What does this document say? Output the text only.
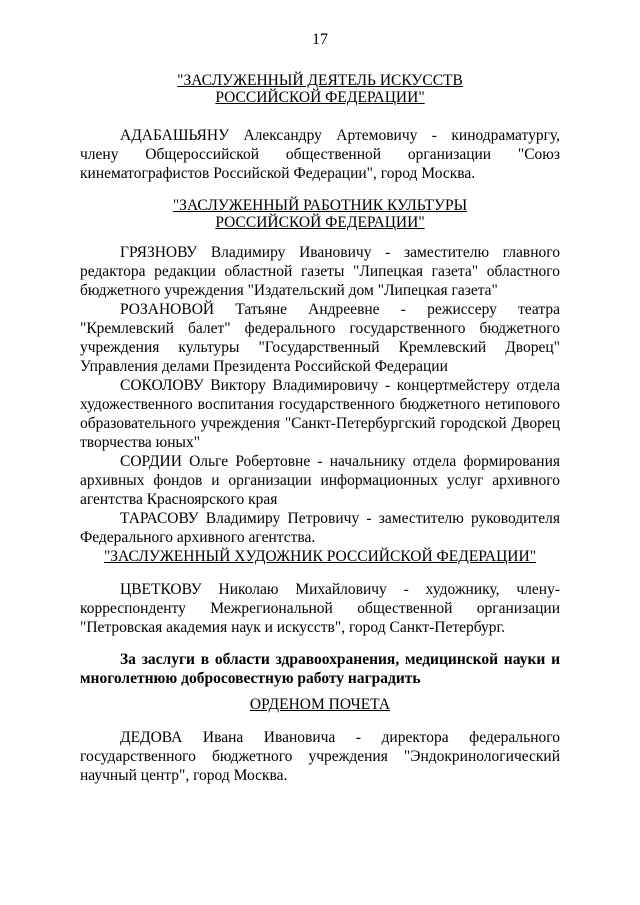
17
"ЗАСЛУЖЕННЫЙ ДЕЯТЕЛЬ ИСКУССТВ
РОССИЙСКОЙ ФЕДЕРАЦИИ"

АДАБАШЬЯНУ Александру Артемовичу - кинодраматургу, члену Общероссийской общественной организации "Союз кинематографистов Российской Федерации", город Москва.

"ЗАСЛУЖЕННЫЙ РАБОТНИК КУЛЬТУРЫ
РОССИЙСКОЙ ФЕДЕРАЦИИ"

ГРЯЗНОВУ Владимиру Ивановичу - заместителю главного редактора редакции областной газеты "Липецкая газета" областного бюджетного учреждения "Издательский дом "Липецкая газета"

РОЗАНОВОЙ Татьяне Андреевне - режиссеру театра "Кремлевский балет" федерального государственного бюджетного учреждения культуры "Государственный Кремлевский Дворец" Управления делами Президента Российской Федерации

СОКОЛОВУ Виктору Владимировичу - концертмейстеру отдела художественного воспитания государственного бюджетного нетипового образовательного учреждения "Санкт-Петербургский городской Дворец творчества юных"

СОРДИИ Ольге Робертовне - начальнику отдела формирования архивных фондов и организации информационных услуг архивного агентства Красноярского края

ТАРАСОВУ Владимиру Петровичу - заместителю руководителя Федерального архивного агентства.

"ЗАСЛУЖЕННЫЙ ХУДОЖНИК РОССИЙСКОЙ ФЕДЕРАЦИИ"

ЦВЕТКОВУ Николаю Михайловичу - художнику, члену-корреспонденту Межрегиональной общественной организации "Петровская академия наук и искусств", город Санкт-Петербург.

За заслуги в области здравоохранения, медицинской науки и многолетнюю добросовестную работу наградить

ОРДЕНОМ ПОЧЕТА

ДЕДОВА Ивана Ивановича - директора федерального государственного бюджетного учреждения "Эндокринологический научный центр", город Москва.
